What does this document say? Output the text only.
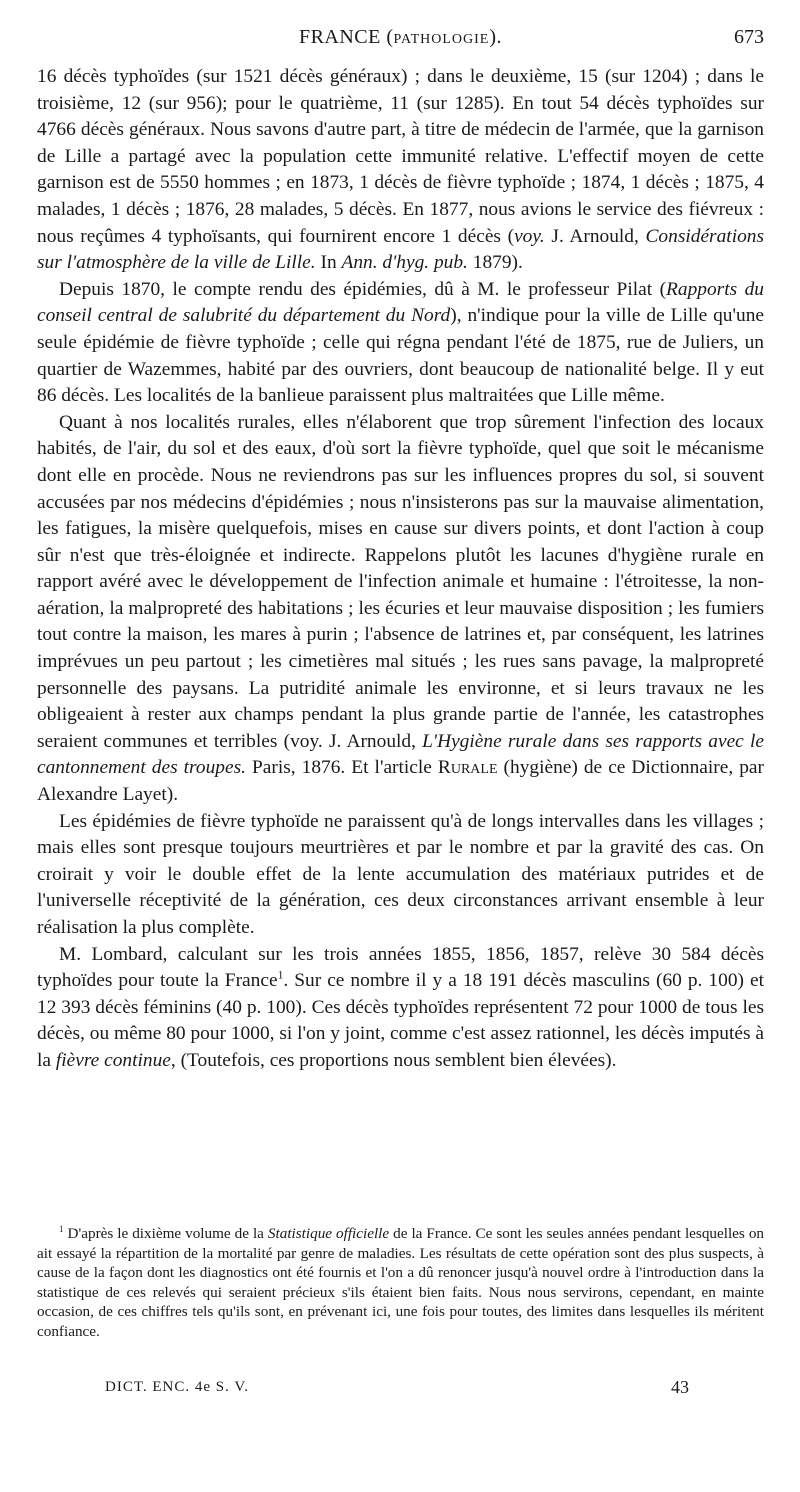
FRANCE (PATHOLOGIE).	673

16 décès typhoïdes (sur 1521 décès généraux) ; dans le deuxième, 15 (sur 1204) ; dans le troisième, 12 (sur 956); pour le quatrième, 11 (sur 1285). En tout 54 décès typhoïdes sur 4766 décès généraux. Nous savons d'autre part, à titre de médecin de l'armée, que la garnison de Lille a partagé avec la population cette immunité relative. L'effectif moyen de cette garnison est de 5550 hommes ; en 1873, 1 décès de fièvre typhoïde ; 1874, 1 décès ; 1875, 4 malades, 1 décès ; 1876, 28 malades, 5 décès. En 1877, nous avions le service des fiévreux : nous reçûmes 4 typhoïsants, qui fournirent encore 1 décès (voy. J. Arnould, Considérations sur l'atmosphère de la ville de Lille. In Ann. d'hyg. pub. 1879).

Depuis 1870, le compte rendu des épidémies, dû à M. le professeur Pilat (Rapports du conseil central de salubrité du département du Nord), n'indique pour la ville de Lille qu'une seule épidémie de fièvre typhoïde ; celle qui régna pendant l'été de 1875, rue de Juliers, un quartier de Wazemmes, habité par des ouvriers, dont beaucoup de nationalité belge. Il y eut 86 décès. Les localités de la banlieue paraissent plus maltraitées que Lille même.

Quant à nos localités rurales, elles n'élaborent que trop sûrement l'infection des locaux habités, de l'air, du sol et des eaux, d'où sort la fièvre typhoïde, quel que soit le mécanisme dont elle en procède. Nous ne reviendrons pas sur les influences propres du sol, si souvent accusées par nos médecins d'épidémies ; nous n'insisterons pas sur la mauvaise alimentation, les fatigues, la misère quelquefois, mises en cause sur divers points, et dont l'action à coup sûr n'est que très-éloignée et indirecte. Rappelons plutôt les lacunes d'hygiène rurale en rapport avéré avec le développement de l'infection animale et humaine : l'étroitesse, la non-aération, la malpropreté des habitations ; les écuries et leur mauvaise disposition ; les fumiers tout contre la maison, les mares à purin ; l'absence de latrines et, par conséquent, les latrines imprévues un peu partout ; les cimetières mal situés ; les rues sans pavage, la malpropreté personnelle des paysans. La putridité animale les environne, et si leurs travaux ne les obligeaient à rester aux champs pendant la plus grande partie de l'année, les catastrophes seraient communes et terribles (voy. J. Arnould, L'Hygiène rurale dans ses rapports avec le cantonnement des troupes. Paris, 1876. Et l'article Rurale (hygiène) de ce Dictionnaire, par Alexandre Layet).

Les épidémies de fièvre typhoïde ne paraissent qu'à de longs intervalles dans les villages ; mais elles sont presque toujours meurtrières et par le nombre et par la gravité des cas. On croirait y voir le double effet de la lente accumulation des matériaux putrides et de l'universelle réceptivité de la génération, ces deux circonstances arrivant ensemble à leur réalisation la plus complète.

M. Lombard, calculant sur les trois années 1855, 1856, 1857, relève 30 584 décès typhoïdes pour toute la France$^1$. Sur ce nombre il y a 18 191 décès masculins (60 p. 100) et 12 393 décès féminins (40 p. 100). Ces décès typhoïdes représentent 72 pour 1000 de tous les décès, ou même 80 pour 1000, si l'on y joint, comme c'est assez rationnel, les décès imputés à la fièvre continue, (Toutefois, ces proportions nous semblent bien élevées).

$^1$ D'après le dixième volume de la Statistique officielle de la France. Ce sont les seules années pendant lesquelles on ait essayé la répartition de la mortalité par genre de maladies. Les résultats de cette opération sont des plus suspects, à cause de la façon dont les diagnostics ont été fournis et l'on a dû renoncer jusqu'à nouvel ordre à l'introduction dans la statistique de ces relevés qui seraient précieux s'ils étaient bien faits. Nous nous servirons, cependant, en mainte occasion, de ces chiffres tels qu'ils sont, en prévenant ici, une fois pour toutes, des limites dans lesquelles ils méritent confiance.

DICT. ENC. 4e S. V.	43
